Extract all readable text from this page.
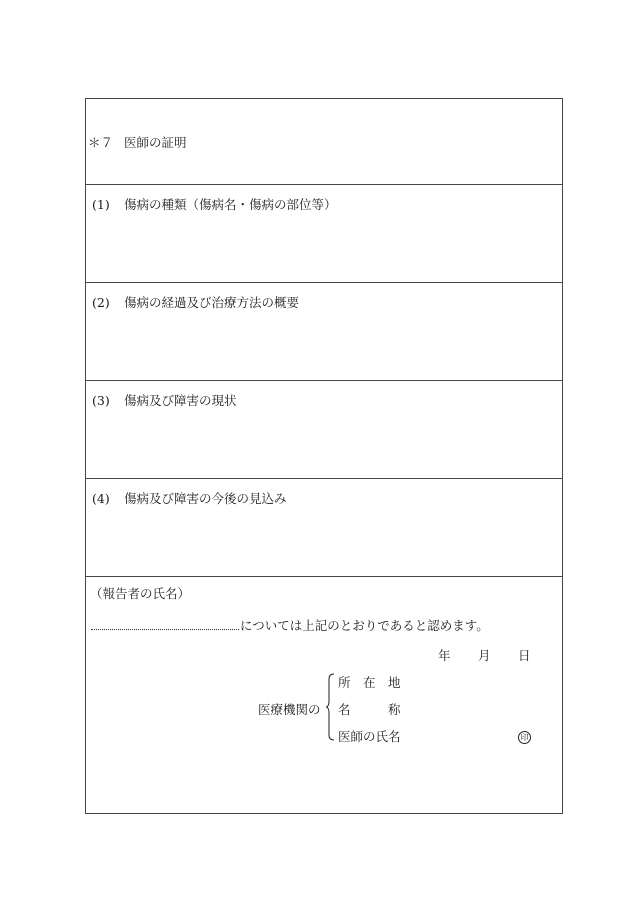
＊７ 医師の証明
(1) 傷病の種類（傷病名・傷病の部位等）
(2) 傷病の経過及び治療方法の概要
(3) 傷病及び障害の現状
(4) 傷病及び障害の今後の見込み
（報告者の氏名）
については上記のとおりであると認めます。
年 月 日
医療機関の
所　在　地
名　　　称
医師の氏名	印
